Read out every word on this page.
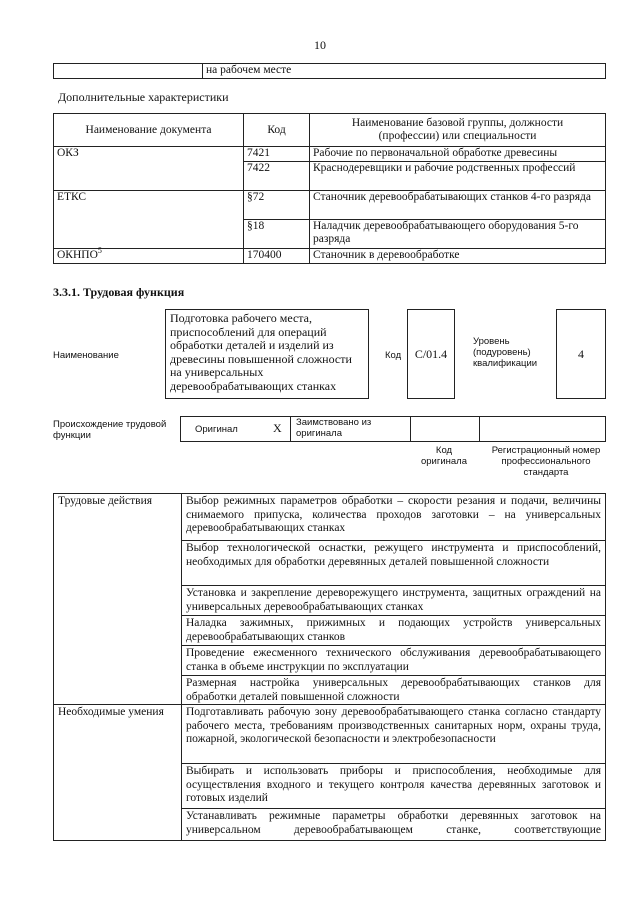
10
	на рабочем месте
Дополнительные характеристики
Наименование документа	Код	Наименование базовой группы, должности (профессии) или специальности
ОКЗ	7421	Рабочие по первоначальной обработке древесины
	7422	Краснодеревщики и рабочие родственных профессий
ЕТКС	§72	Станочник деревообрабатывающих станков 4-го разряда
	§18	Наладчик деревообрабатывающего оборудования 5-го разряда
ОКНПО$^5$	170400	Станочник в деревообработке
3.3.1. Трудовая функция
Наименование
Подготовка рабочего места, приспособлений для операций обработки деталей и изделий из древесины повышенной сложности на универсальных деревообрабатывающих станках
Код C/01.4
Уровень (подуровень) квалификации
4
Происхождение трудовой функции
Оригинал	X Заимствовано из оригинала
Код оригинала
Регистрационный номер профессионального стандарта
Трудовые действия	Выбор режимных параметров обработки – скорости резания и подачи, величины снимаемого припуска, количества проходов заготовки – на универсальных деревообрабатывающих станках
	Выбор технологической оснастки, режущего инструмента и приспособлений, необходимых для обработки деревянных деталей повышенной сложности
	Установка и закрепление дереворежущего инструмента, защитных ограждений на универсальных деревообрабатывающих станках
	Наладка зажимных, прижимных и подающих устройств универсальных деревообрабатывающих станков
	Проведение ежесменного технического обслуживания деревообрабатывающего станка в объеме инструкции по эксплуатации
	Размерная настройка универсальных деревообрабатывающих станков для обработки деталей повышенной сложности
Необходимые умения	Подготавливать рабочую зону деревообрабатывающего станка согласно стандарту рабочего места, требованиям производственных санитарных норм, охраны труда, пожарной, экологической безопасности и электробезопасности
	Выбирать и использовать приборы и приспособления, необходимые для осуществления входного и текущего контроля качества деревянных заготовок и готовых изделий
	Устанавливать режимные параметры обработки деревянных заготовок на универсальном деревообрабатывающем станке, соответствующие
